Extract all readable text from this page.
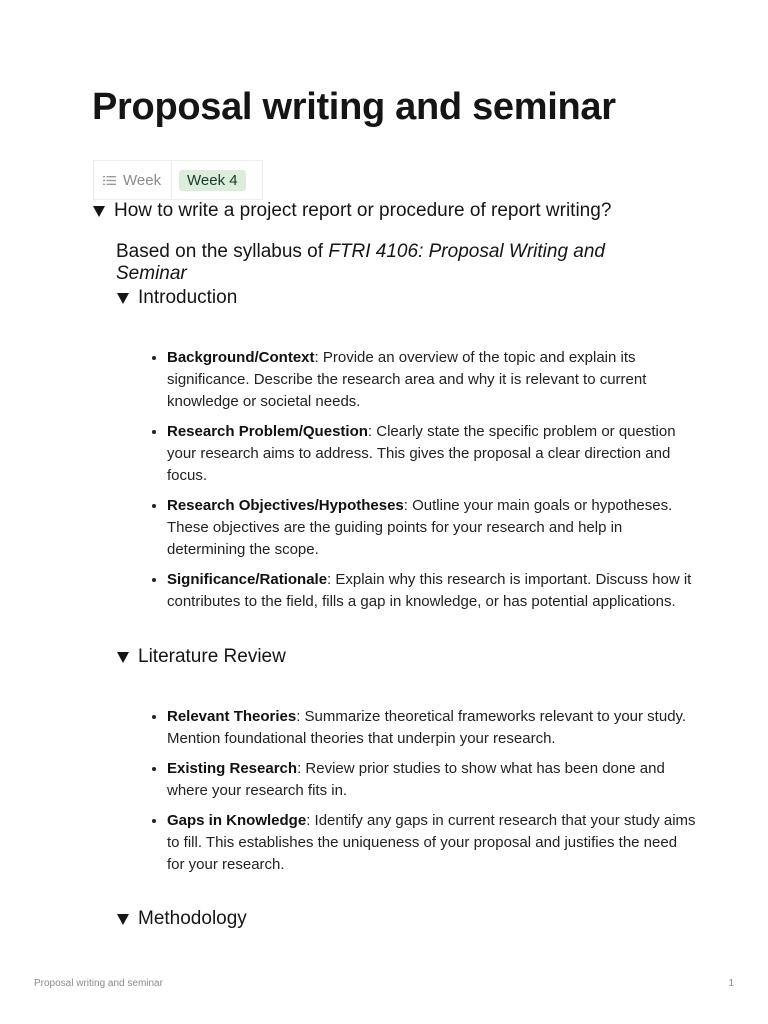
Proposal writing and seminar
Week	Week 4
How to write a project report or procedure of report writing?

Based on the syllabus of FTRI 4106: Proposal Writing and Seminar

Introduction
• Background/Context: Provide an overview of the topic and explain its significance. Describe the research area and why it is relevant to current knowledge or societal needs.
• Research Problem/Question: Clearly state the specific problem or question your research aims to address. This gives the proposal a clear direction and focus.
• Research Objectives/Hypotheses: Outline your main goals or hypotheses. These objectives are the guiding points for your research and help in determining the scope.
• Significance/Rationale: Explain why this research is important. Discuss how it contributes to the field, fills a gap in knowledge, or has potential applications.
Literature Review
• Relevant Theories: Summarize theoretical frameworks relevant to your study. Mention foundational theories that underpin your research.
• Existing Research: Review prior studies to show what has been done and where your research fits in.
• Gaps in Knowledge: Identify any gaps in current research that your study aims to fill. This establishes the uniqueness of your proposal and justifies the need for your research.
Methodology
Proposal writing and seminar	1
